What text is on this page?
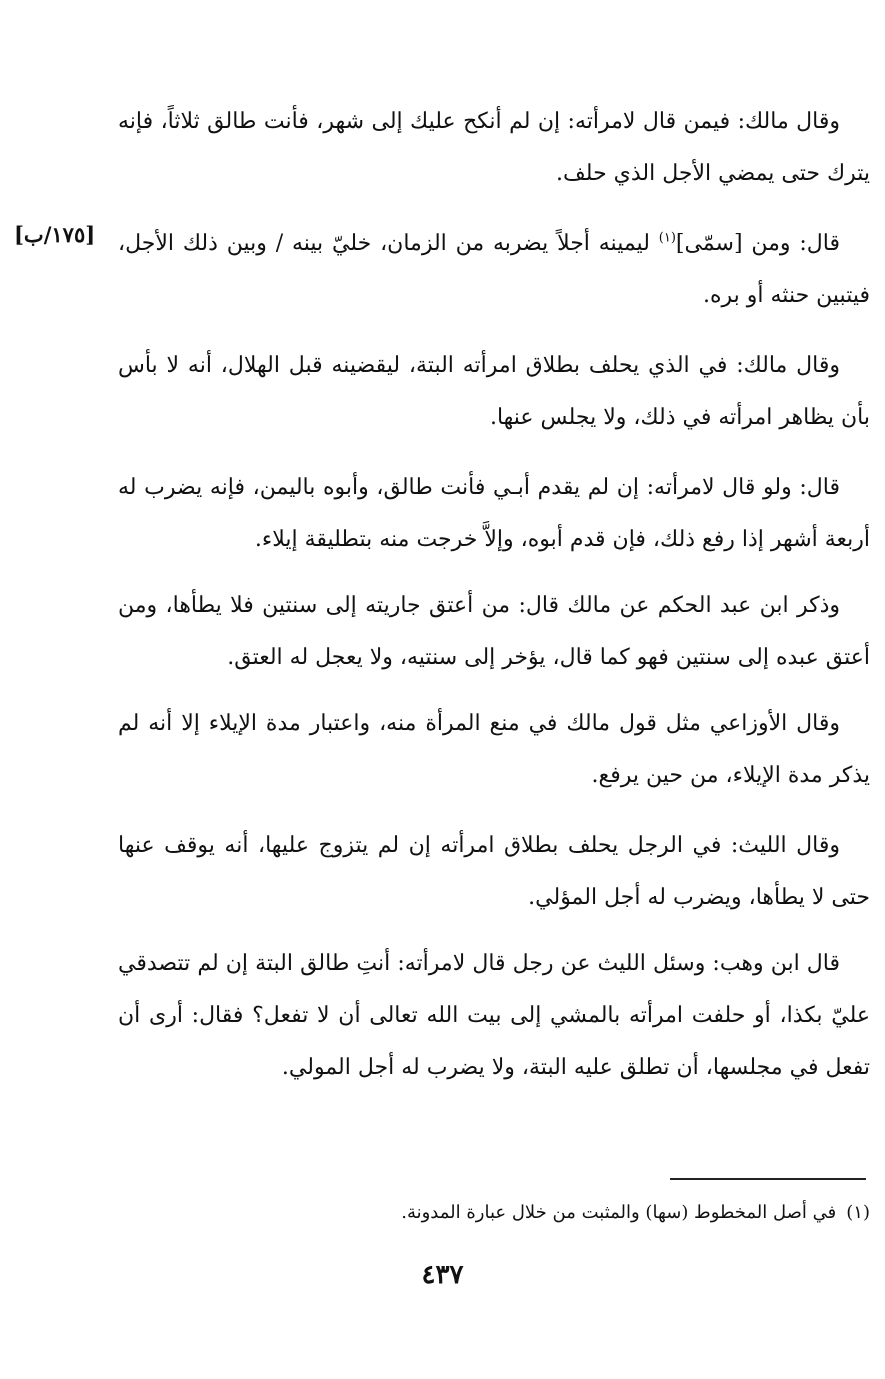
وقال مالك: فيمن قال لامرأته: إن لم أنكح عليك إلى شهر، فأنت طالق ثلاثاً، فإنه يترك حتى يمضي الأجل الذي حلف.

قال: ومن [سمّى]$^{(١)}$ ليمينه أجلاً يضربه من الزمان، خليّ بينه / وبين ذلك الأجل، فيتبين حنثه أو بره.

وقال مالك: في الذي يحلف بطلاق امرأته البتة، ليقضينه قبل الهلال، أنه لا بأس بأن يظاهر امرأته في ذلك، ولا يجلس عنها.

قال: ولو قال لامرأته: إن لم يقدم أبـي فأنت طالق، وأبوه باليمن، فإنه يضرب له أربعة أشهر إذا رفع ذلك، فإن قدم أبوه، وإلاَّ خرجت منه بتطليقة إيلاء.

وذكر ابن عبد الحكم عن مالك قال: من أعتق جاريته إلى سنتين فلا يطأها، ومن أعتق عبده إلى سنتين فهو كما قال، يؤخر إلى سنتيه، ولا يعجل له العتق.

وقال الأوزاعي مثل قول مالك في منع المرأة منه، واعتبار مدة الإيلاء إلا أنه لم يذكر مدة الإيلاء، من حين يرفع.

وقال الليث: في الرجل يحلف بطلاق امرأته إن لم يتزوج عليها، أنه يوقف عنها حتى لا يطأها، ويضرب له أجل المؤلي.

قال ابن وهب: وسئل الليث عن رجل قال لامرأته: أنتِ طالق البتة إن لم تتصدقي عليّ بكذا، أو حلفت امرأته بالمشي إلى بيت الله تعالى أن لا تفعل؟ فقال: أرى أن تفعل في مجلسها، أن تطلق عليه البتة، ولا يضرب له أجل المولي.

[١٧٥/ب]
(١)في أصل المخطوط (سها) والمثبت من خلال عبارة المدونة.
٤٣٧
